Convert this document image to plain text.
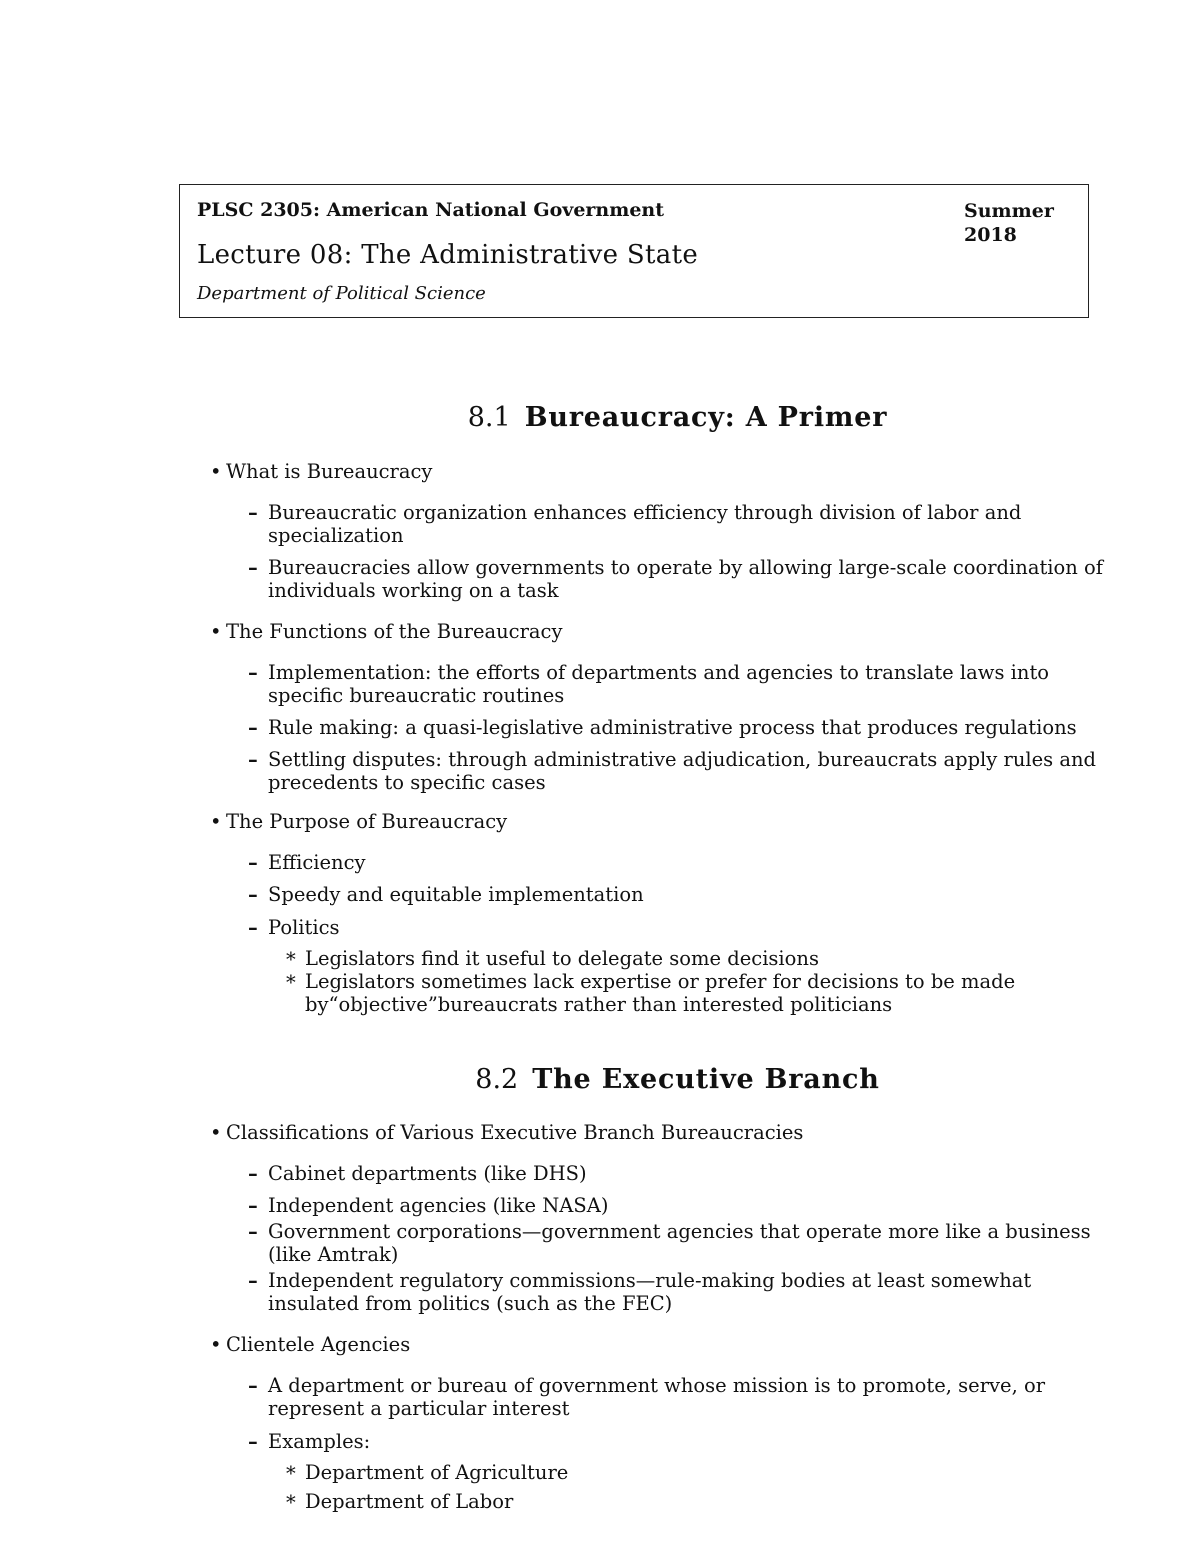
PLSC 2305: American National Government	Summer 2018
Lecture 08: The Administrative State
Department of Political Science
8.1 Bureaucracy: A Primer
• What is Bureaucracy
– Bureaucratic organization enhances efficiency through division of labor and specialization
– Bureaucracies allow governments to operate by allowing large-scale coordination of individuals working on a task
• The Functions of the Bureaucracy
– Implementation: the efforts of departments and agencies to translate laws into specific bureaucratic routines
– Rule making: a quasi-legislative administrative process that produces regulations
– Settling disputes: through administrative adjudication, bureaucrats apply rules and precedents to specific cases
• The Purpose of Bureaucracy
– Efficiency
– Speedy and equitable implementation
– Politics
* Legislators find it useful to delegate some decisions
* Legislators sometimes lack expertise or prefer for decisions to be made by“objective”bureaucrats rather than interested politicians
8.2 The Executive Branch
• Classifications of Various Executive Branch Bureaucracies
– Cabinet departments (like DHS)
– Independent agencies (like NASA)
– Government corporations—government agencies that operate more like a business (like Amtrak)
– Independent regulatory commissions—rule-making bodies at least somewhat insulated from politics (such as the FEC)
• Clientele Agencies
– A department or bureau of government whose mission is to promote, serve, or represent a particular interest
– Examples:
* Department of Agriculture
* Department of Labor
